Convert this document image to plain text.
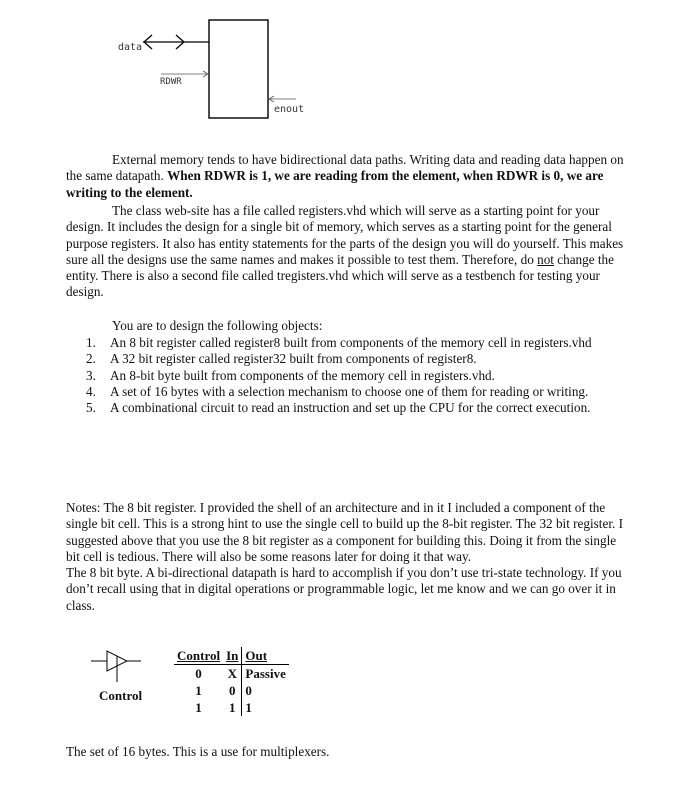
data
RDWR
enout
External memory tends to have bidirectional data paths. Writing data and reading data happen on the same datapath. When RDWR is 1, we are reading from the element, when RDWR is 0, we are writing to the element.
The class web-site has a file called registers.vhd which will serve as a starting point for your design. It includes the design for a single bit of memory, which serves as a starting point for the general purpose registers. It also has entity statements for the parts of the design you will do yourself. This makes sure all the designs use the same names and makes it possible to test them. Therefore, do not change the entity. There is also a second file called tregisters.vhd which will serve as a testbench for testing your design.
You are to design the following objects:
1. An 8 bit register called register8 built from components of the memory cell in registers.vhd
2. A 32 bit register called register32 built from components of register8.
3. An 8-bit byte built from components of the memory cell in registers.vhd.
4. A set of 16 bytes with a selection mechanism to choose one of them for reading or writing.
5. A combinational circuit to read an instruction and set up the CPU for the correct execution.
Notes: The 8 bit register. I provided the shell of an architecture and in it I included a component of the single bit cell. This is a strong hint to use the single cell to build up the 8-bit register. The 32 bit register. I suggested above that you use the 8 bit register as a component for building this. Doing it from the single bit cell is tedious. There will also be some reasons later for doing it that way.
The 8 bit byte. A bi-directional datapath is hard to accomplish if you don’t use tri-state technology. If you don’t recall using that in digital operations or programmable logic, let me know and we can go over it in class.
Control
Control	In	Out
0	X	Passive
1	0	0
1	1	1
The set of 16 bytes. This is a use for multiplexers.
